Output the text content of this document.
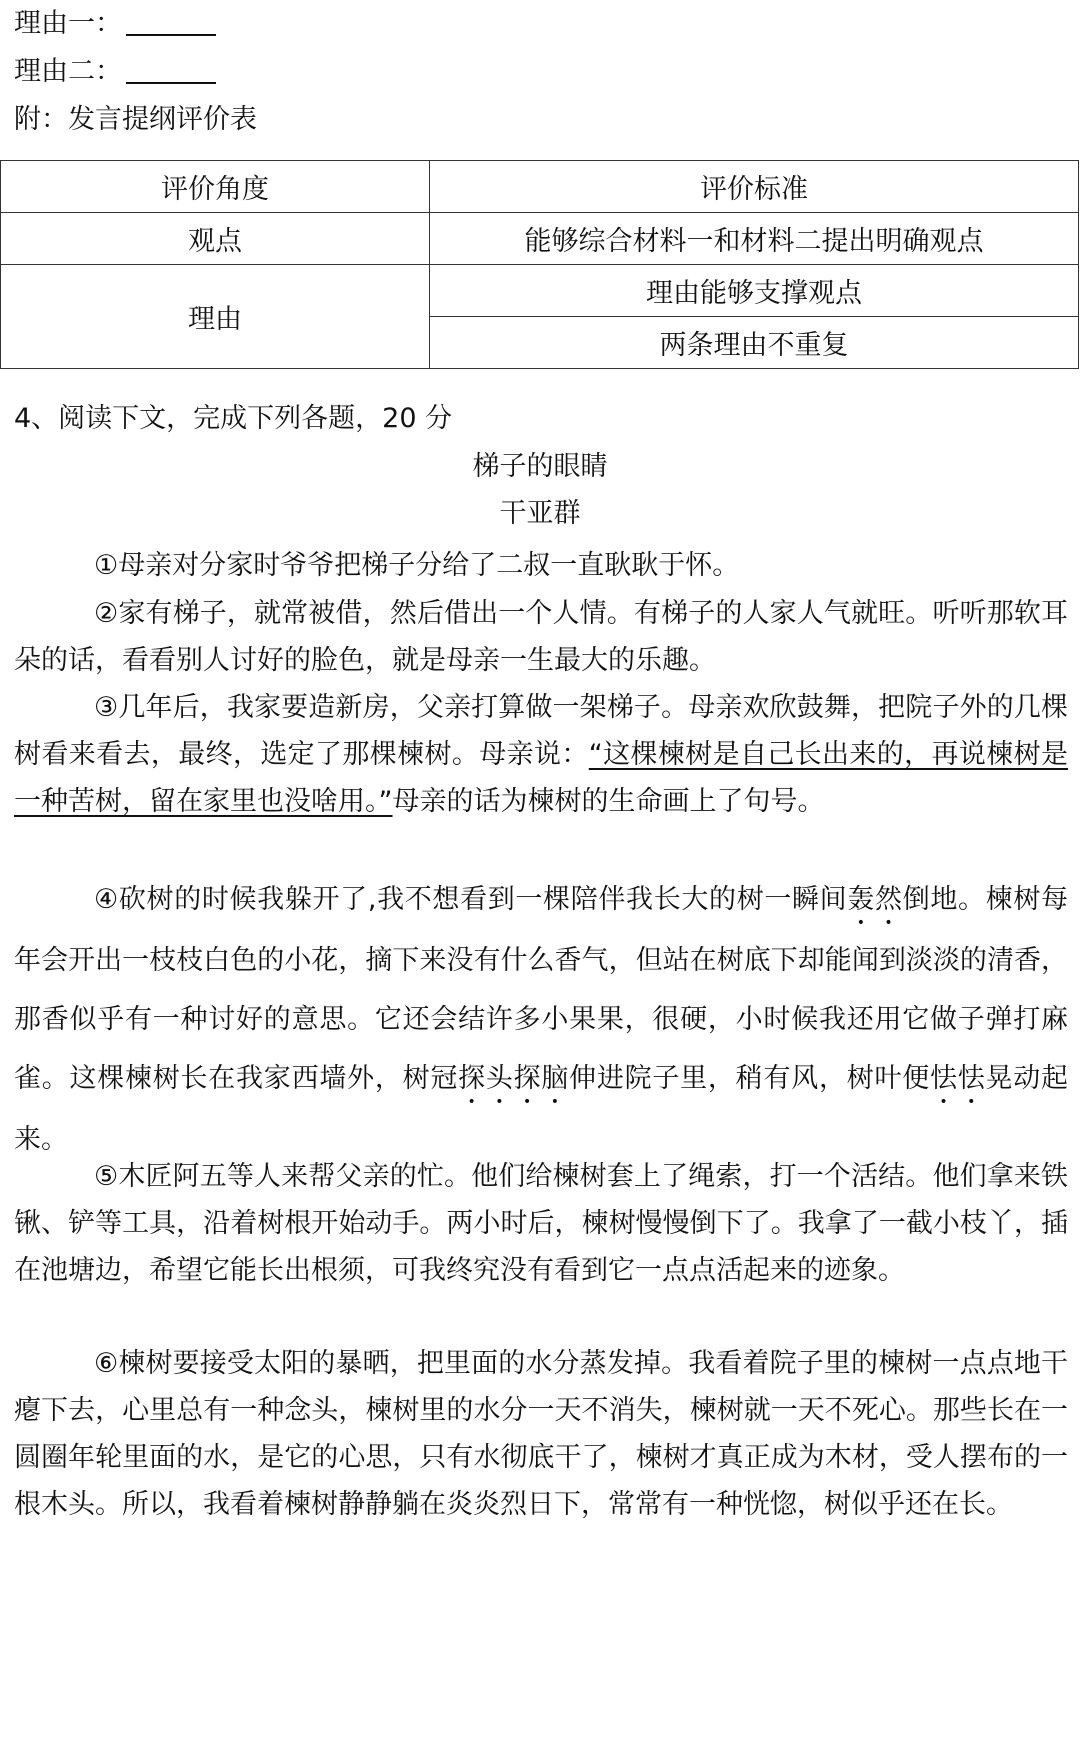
理由一：
理由二：
附：发言提纲评价表
评价角度	评价标准
观点	能够综合材料一和材料二提出明确观点
理由	理由能够支撑观点
	两条理由不重复
4、阅读下文，完成下列各题，20 分
梯子的眼睛
干亚群
①母亲对分家时爷爷把梯子分给了二叔一直耿耿于怀。
②家有梯子，就常被借，然后借出一个人情。有梯子的人家人气就旺。听听那软耳朵的话，看看别人讨好的脸色，就是母亲一生最大的乐趣。
③几年后，我家要造新房，父亲打算做一架梯子。母亲欢欣鼓舞，把院子外的几棵树看来看去，最终，选定了那棵楝树。母亲说：“这棵楝树是自己长出来的，再说楝树是一种苦树，留在家里也没啥用。”母亲的话为楝树的生命画上了句号。
④砍树的时候我躲开了,我不想看到一棵陪伴我长大的树一瞬间轰然倒地。楝树每年会开出一枝枝白色的小花，摘下来没有什么香气，但站在树底下却能闻到淡淡的清香，那香似乎有一种讨好的意思。它还会结许多小果果，很硬，小时候我还用它做子弹打麻雀。这棵楝树长在我家西墙外，树冠探头探脑伸进院子里，稍有风，树叶便怯怯晃动起来。
⑤木匠阿五等人来帮父亲的忙。他们给楝树套上了绳索，打一个活结。他们拿来铁锹、铲等工具，沿着树根开始动手。两小时后，楝树慢慢倒下了。我拿了一截小枝丫，插在池塘边，希望它能长出根须，可我终究没有看到它一点点活起来的迹象。
⑥楝树要接受太阳的暴晒，把里面的水分蒸发掉。我看着院子里的楝树一点点地干瘪下去，心里总有一种念头，楝树里的水分一天不消失，楝树就一天不死心。那些长在一圆圈年轮里面的水，是它的心思，只有水彻底干了，楝树才真正成为木材，受人摆布的一根木头。所以，我看着楝树静静躺在炎炎烈日下，常常有一种恍惚，树似乎还在长。
